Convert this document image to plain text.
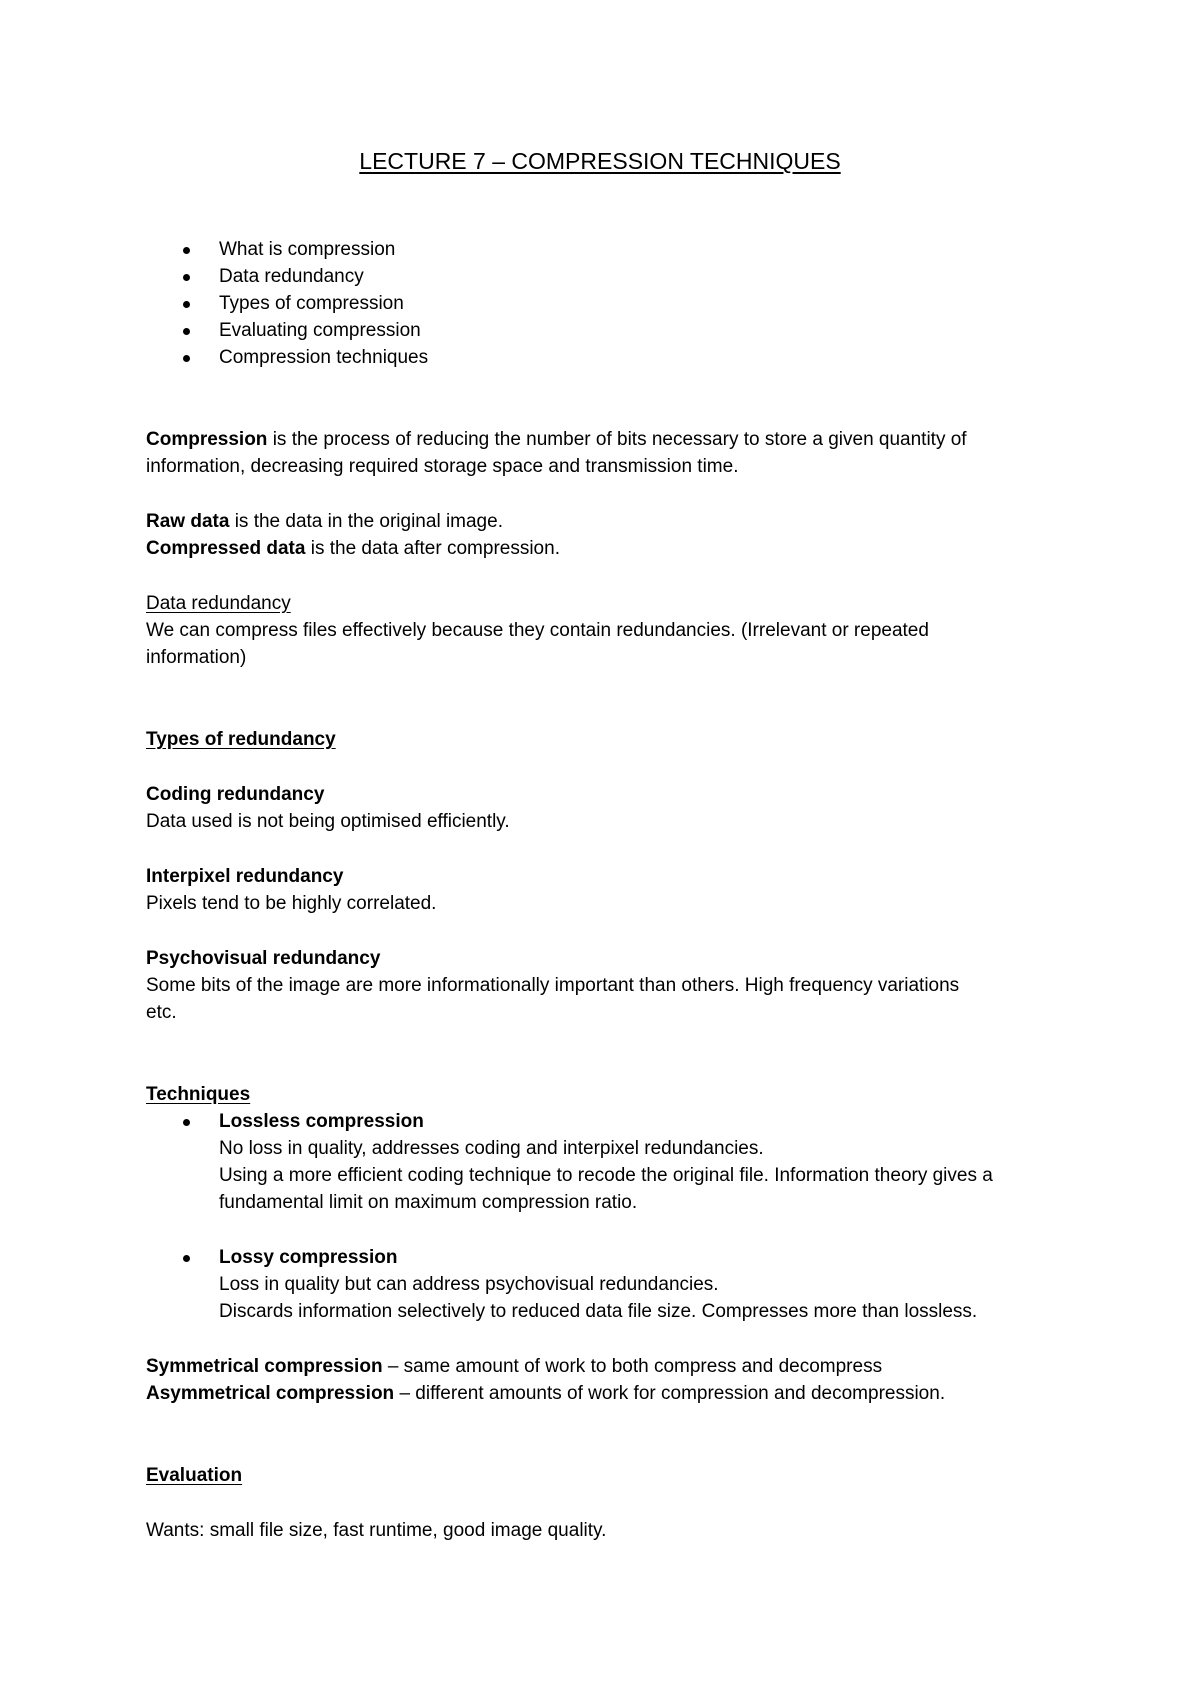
LECTURE 7 – COMPRESSION TECHNIQUES
What is compression
Data redundancy
Types of compression
Evaluating compression
Compression techniques
Compression is the process of reducing the number of bits necessary to store a given quantity of
information, decreasing required storage space and transmission time.
Raw data is the data in the original image.
Compressed data is the data after compression.
Data redundancy
We can compress files effectively because they contain redundancies. (Irrelevant or repeated
information)
Types of redundancy
Coding redundancy
Data used is not being optimised efficiently.
Interpixel redundancy
Pixels tend to be highly correlated.
Psychovisual redundancy
Some bits of the image are more informationally important than others. High frequency variations
etc.
Techniques
Lossless compression
No loss in quality, addresses coding and interpixel redundancies.
Using a more efficient coding technique to recode the original file. Information theory gives a
fundamental limit on maximum compression ratio.
Lossy compression
Loss in quality but can address psychovisual redundancies.
Discards information selectively to reduced data file size. Compresses more than lossless.
Symmetrical compression – same amount of work to both compress and decompress
Asymmetrical compression – different amounts of work for compression and decompression.
Evaluation
Wants: small file size, fast runtime, good image quality.
